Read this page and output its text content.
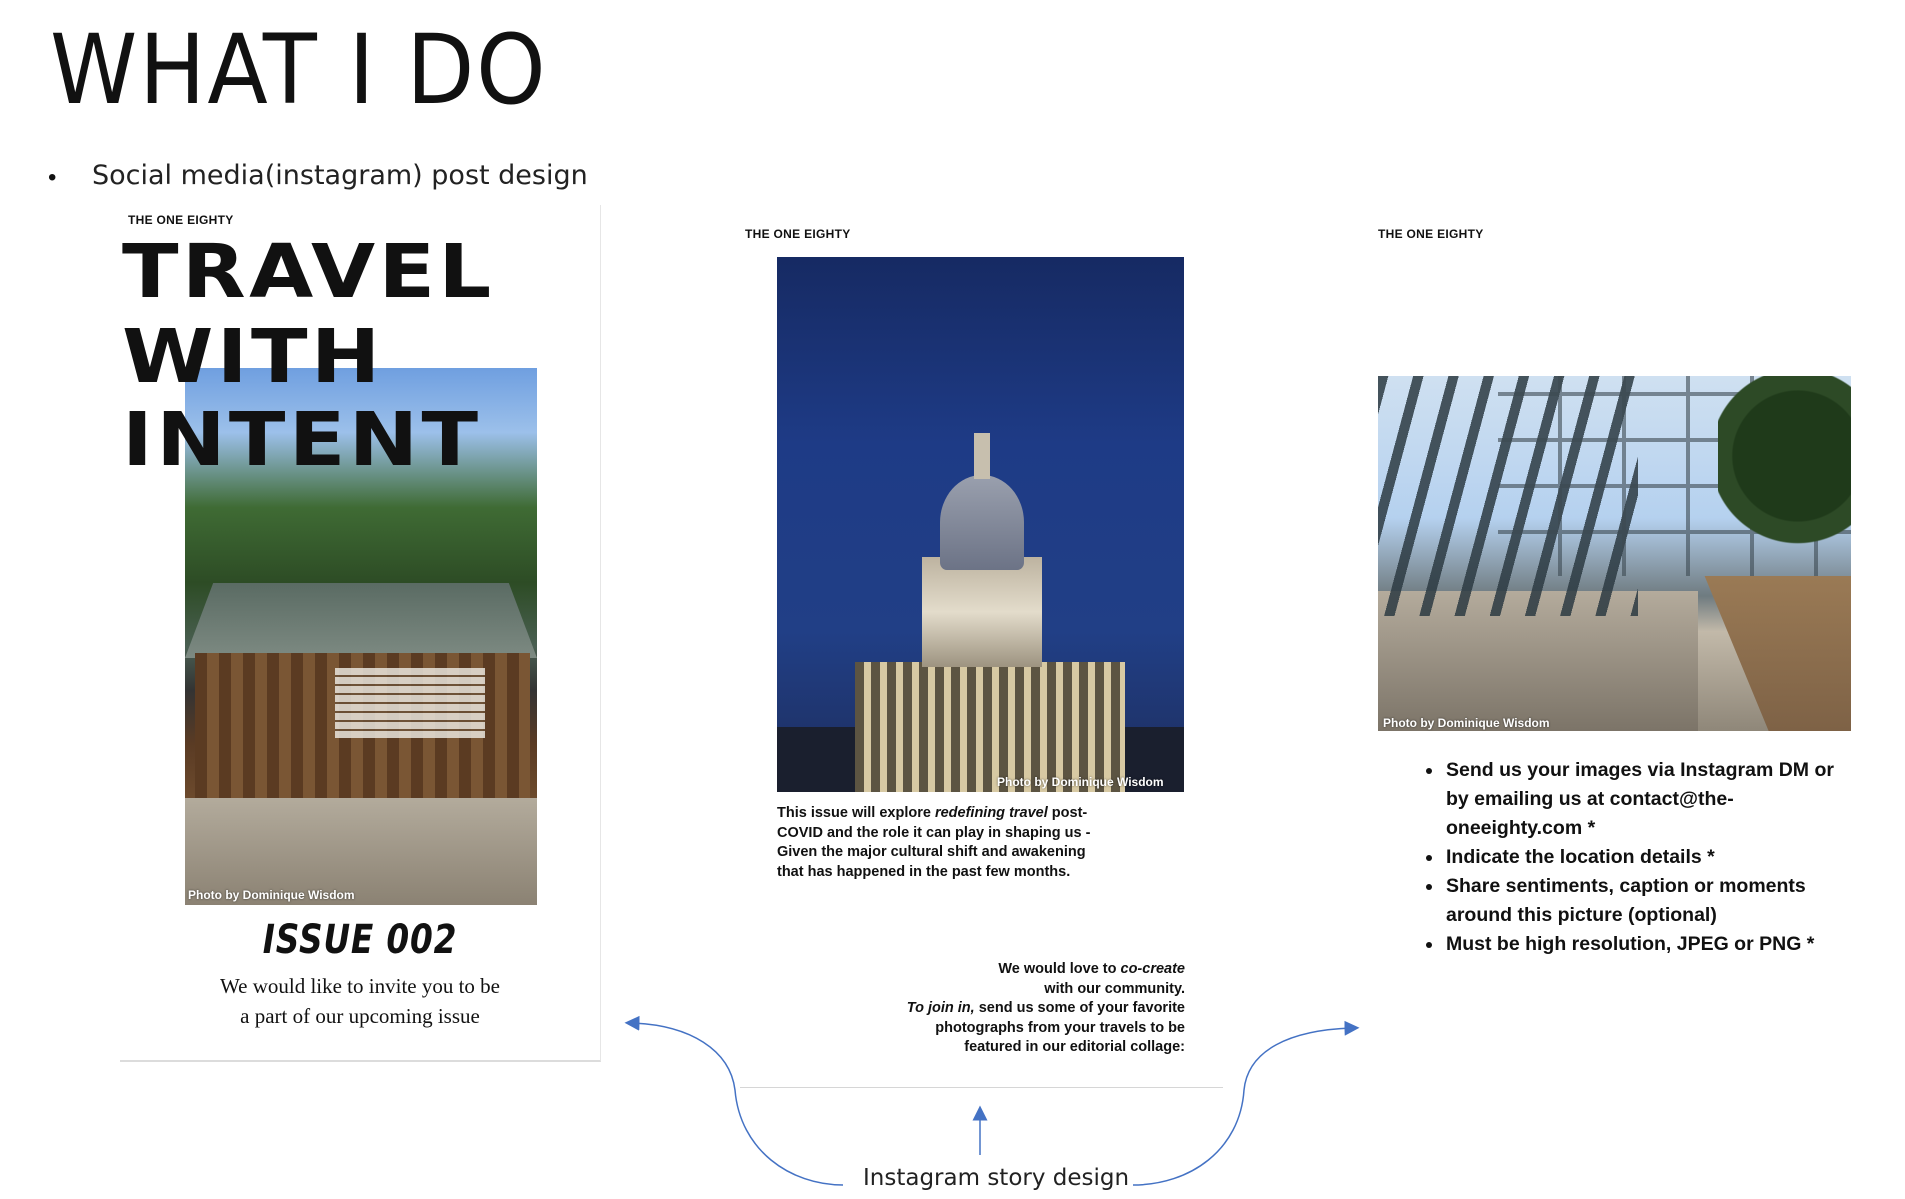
WHAT I DO
• Social media(instagram) post design
THE ONE EIGHTY
Photo by Dominique Wisdom
TRAVEL
WITH
INTENT
ISSUE 002
We would like to invite you to be
a part of our upcoming issue
THE ONE EIGHTY
Photo by Dominique Wisdom
This issue will explore redefining travel post-COVID and the role it can play in shaping us -
Given the major cultural shift and awakening that has happened in the past few months.
We would love to co-create
with our community.
To join in, send us some of your favorite photographs from your travels to be featured in our editorial collage:
THE ONE EIGHTY
Photo by Dominique Wisdom
• Send us your images via Instagram DM or by emailing us at contact@the-oneeighty.com *
• Indicate the location details *
• Share sentiments, caption or moments around this picture (optional)
• Must be high resolution, JPEG or PNG *
Instagram story design
